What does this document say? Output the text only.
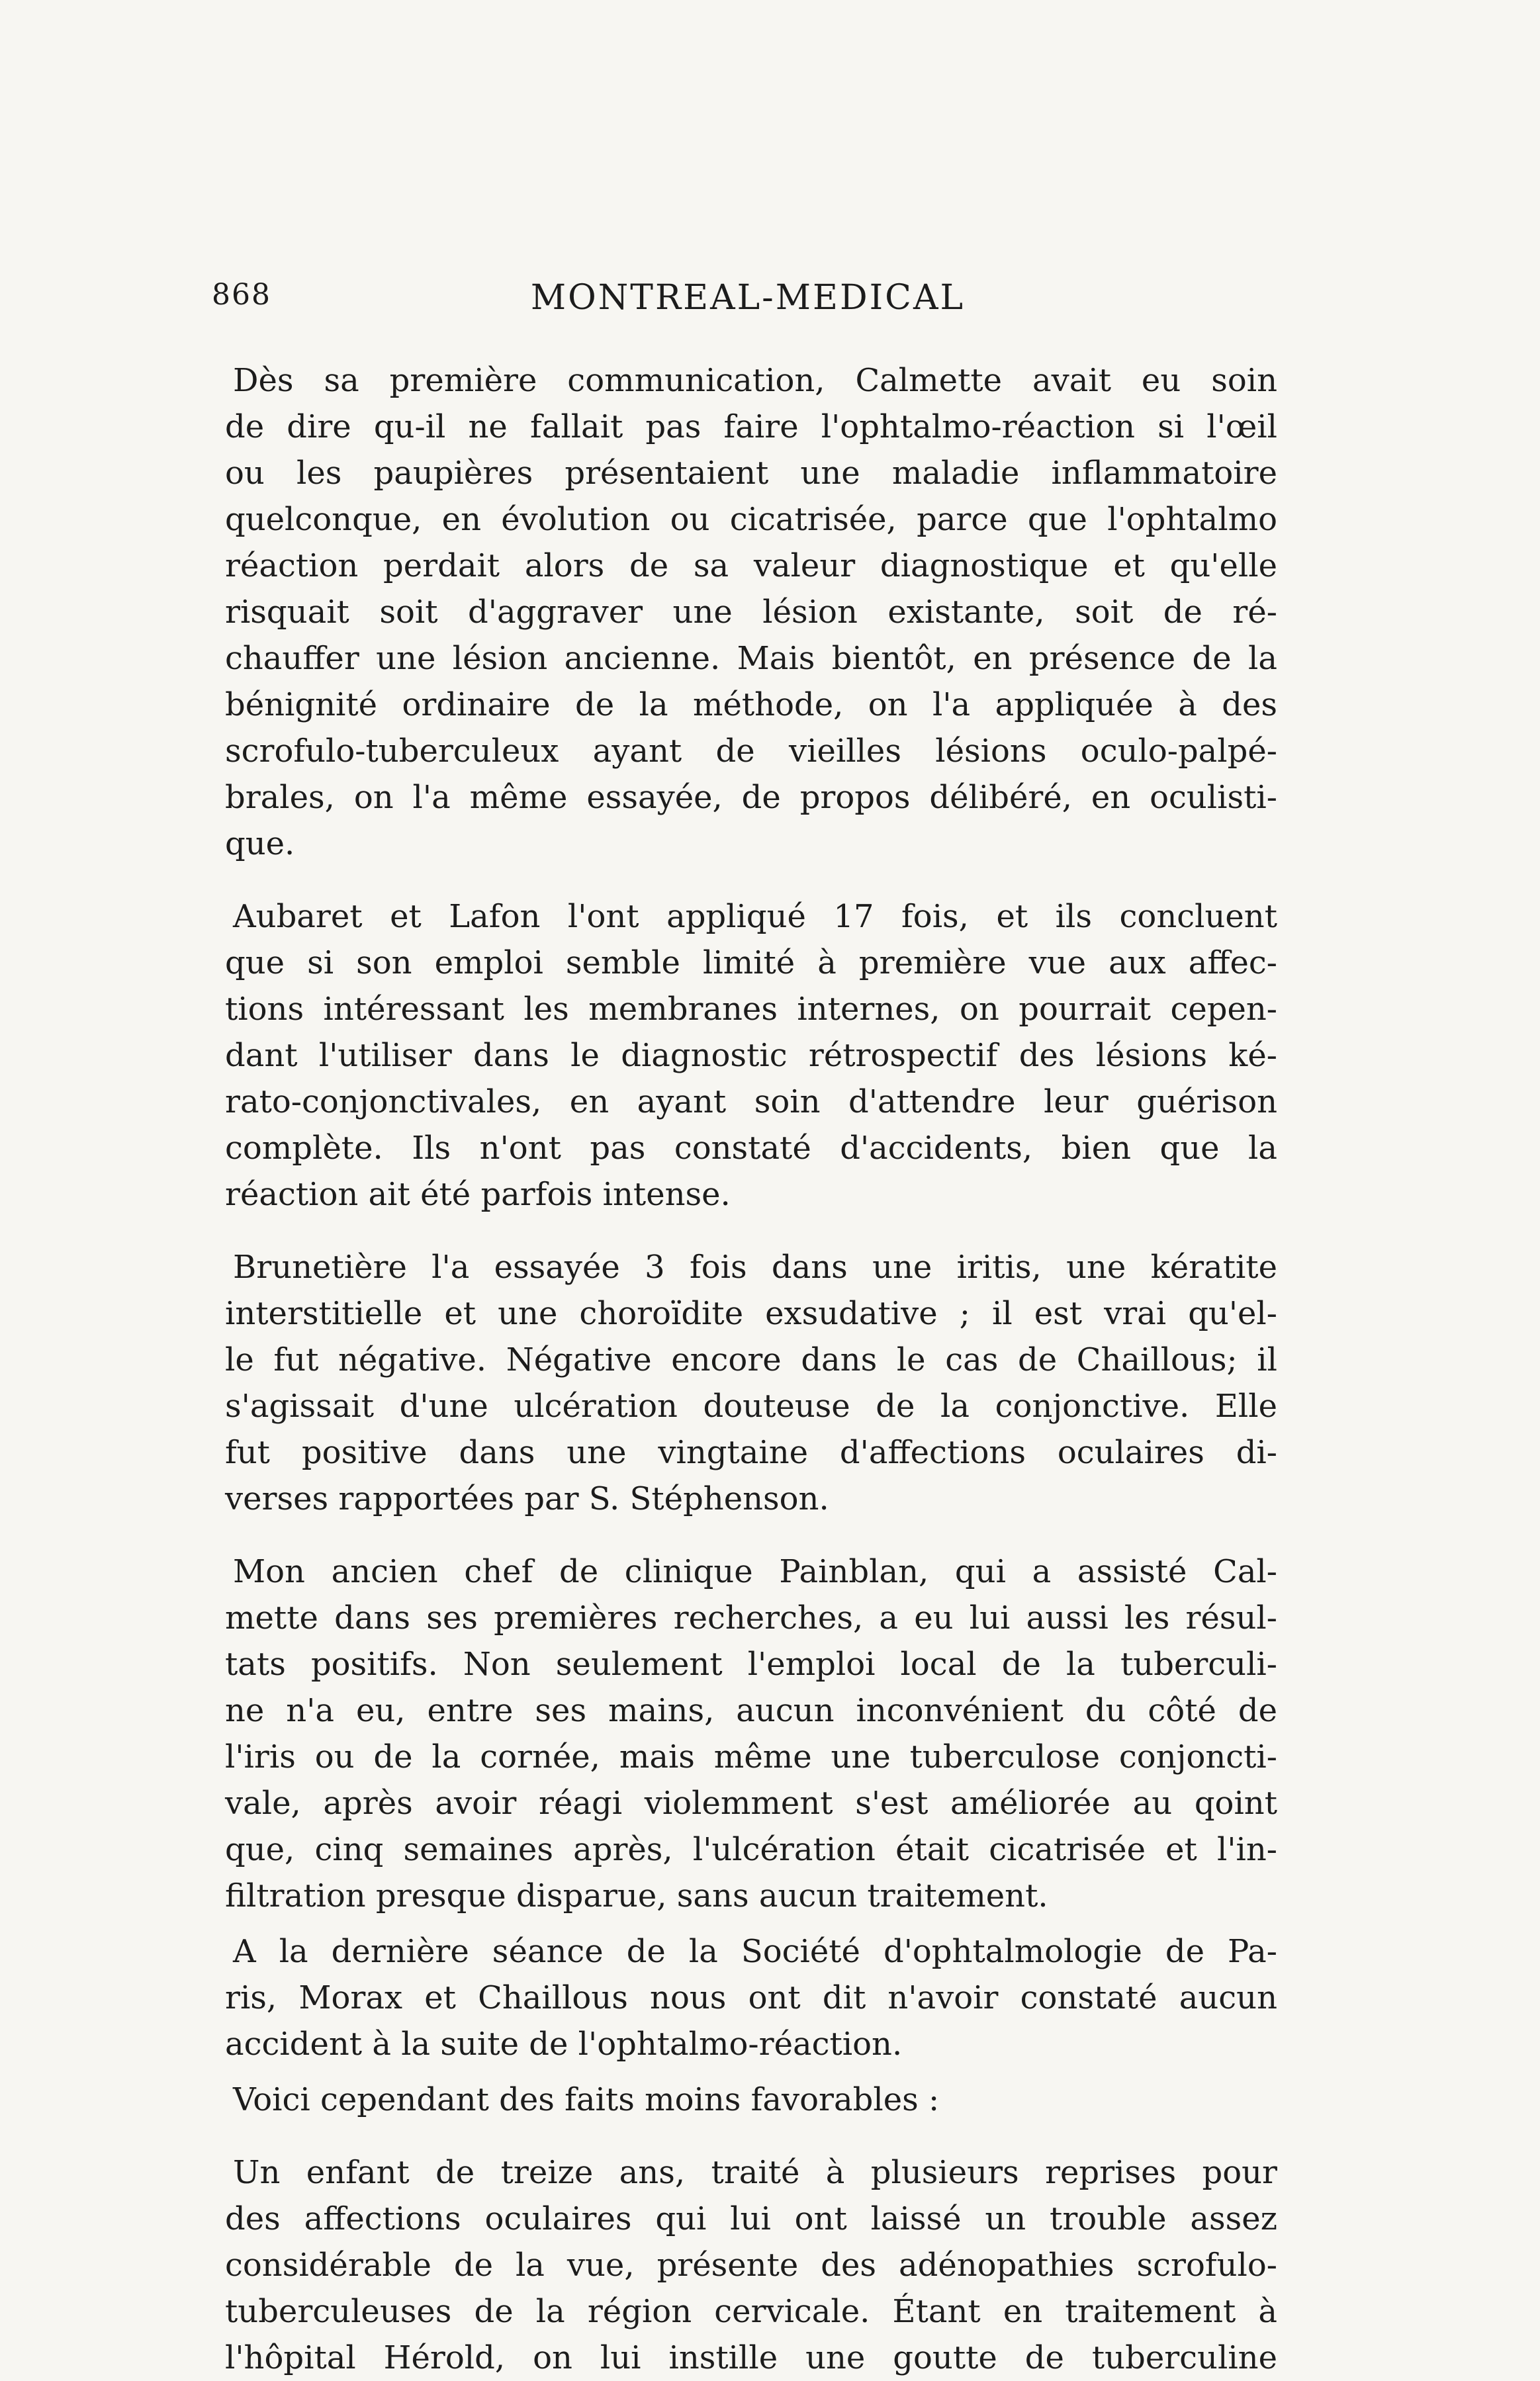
868	MONTREAL-MEDICAL

Dès sa première communication, Calmette avait eu soin
de dire qu-il ne fallait pas faire l'ophtalmo-réaction si l'œil
ou les paupières présentaient une maladie inflammatoire
quelconque, en évolution ou cicatrisée, parce que l'ophtalmo
réaction perdait alors de sa valeur diagnostique et qu'elle
risquait soit d'aggraver une lésion existante, soit de ré-
chauffer une lésion ancienne. Mais bientôt, en présence de la
bénignité ordinaire de la méthode, on l'a appliquée à des
scrofulo-tuberculeux ayant de vieilles lésions oculo-palpé-
brales, on l'a même essayée, de propos délibéré, en oculisti-
que.

Aubaret et Lafon l'ont appliqué 17 fois, et ils concluent
que si son emploi semble limité à première vue aux affec-
tions intéressant les membranes internes, on pourrait cepen-
dant l'utiliser dans le diagnostic rétrospectif des lésions ké-
rato-conjonctivales, en ayant soin d'attendre leur guérison
complète. Ils n'ont pas constaté d'accidents, bien que la
réaction ait été parfois intense.

Brunetière l'a essayée 3 fois dans une iritis, une kératite
interstitielle et une choroïdite exsudative ; il est vrai qu'el-
le fut négative. Négative encore dans le cas de Chaillous; il
s'agissait d'une ulcération douteuse de la conjonctive. Elle
fut positive dans une vingtaine d'affections oculaires di-
verses rapportées par S. Stéphenson.

Mon ancien chef de clinique Painblan, qui a assisté Cal-
mette dans ses premières recherches, a eu lui aussi les résul-
tats positifs. Non seulement l'emploi local de la tuberculi-
ne n'a eu, entre ses mains, aucun inconvénient du côté de
l'iris ou de la cornée, mais même une tuberculose conjoncti-
vale, après avoir réagi violemment s'est améliorée au qoint
que, cinq semaines après, l'ulcération était cicatrisée et l'in-
filtration presque disparue, sans aucun traitement.

A la dernière séance de la Société d'ophtalmologie de Pa-
ris, Morax et Chaillous nous ont dit n'avoir constaté aucun
accident à la suite de l'ophtalmo-réaction.

Voici cependant des faits moins favorables :

Un enfant de treize ans, traité à plusieurs reprises pour
des affections oculaires qui lui ont laissé un trouble assez
considérable de la vue, présente des adénopathies scrofulo-
tuberculeuses de la région cervicale. Étant en traitement à
l'hôpital Hérold, on lui instille une goutte de tuberculine
